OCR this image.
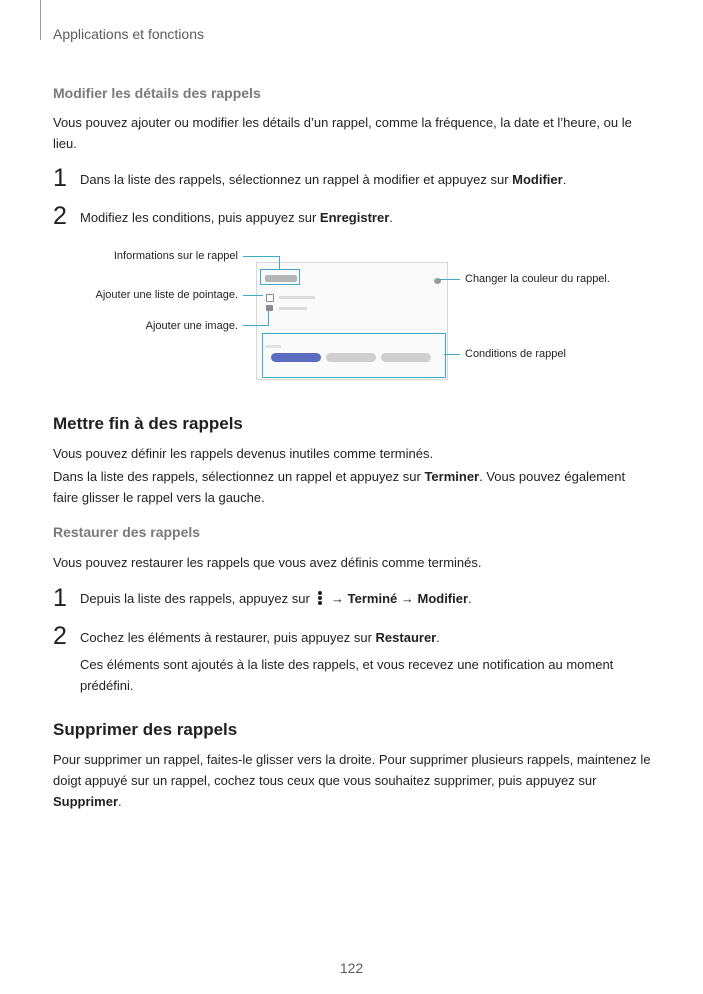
Applications et fonctions
Modifier les détails des rappels
Vous pouvez ajouter ou modifier les détails d’un rappel, comme la fréquence, la date et l’heure, ou le lieu.
1 Dans la liste des rappels, sélectionnez un rappel à modifier et appuyez sur Modifier.
2 Modifiez les conditions, puis appuyez sur Enregistrer.
Informations sur le rappel
Ajouter une liste de pointage.
Ajouter une image.
Changer la couleur du rappel.
Conditions de rappel
Mettre fin à des rappels
Vous pouvez définir les rappels devenus inutiles comme terminés.
Dans la liste des rappels, sélectionnez un rappel et appuyez sur Terminer. Vous pouvez également faire glisser le rappel vers la gauche.
Restaurer des rappels
Vous pouvez restaurer les rappels que vous avez définis comme terminés.
1 Depuis la liste des rappels, appuyez sur
→ Terminé → Modifier.
2 Cochez les éléments à restaurer, puis appuyez sur Restaurer.
Ces éléments sont ajoutés à la liste des rappels, et vous recevez une notification au moment prédéfini.
Supprimer des rappels
Pour supprimer un rappel, faites-le glisser vers la droite. Pour supprimer plusieurs rappels, maintenez le doigt appuyé sur un rappel, cochez tous ceux que vous souhaitez supprimer, puis appuyez sur Supprimer.
122
